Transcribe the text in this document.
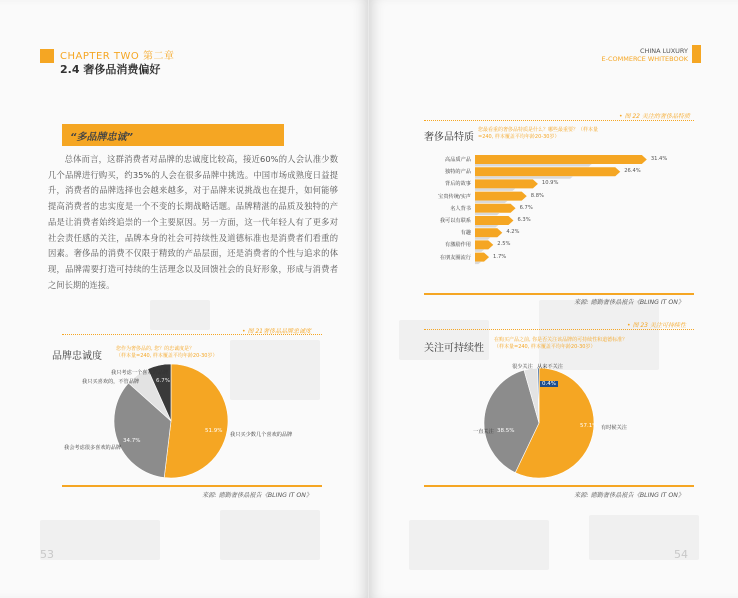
CHAPTER TWO 第二章
2.4 奢侈品消费偏好
“多品牌忠诚”

总体而言，这群消费者对品牌的忠诚度比较高，接近60%的人会认准少数几个品牌进行购买，约35%的人会在很多品牌中挑选。中国市场成熟度日益提升，消费者的品牌选择也会越来越多，对于品牌来说挑战也在提升，如何能够提高消费者的忠实度是一个不变的长期战略话题。品牌精湛的品质及独特的产品是让消费者始终追崇的一个主要原因。另一方面，这一代年轻人有了更多对社会责任感的关注，品牌本身的社会可持续性及道德标准也是消费者们看重的因素。奢侈品的消费不仅限于精致的产品层面，还是消费者的个性与追求的体现，品牌需要打造可持续的生活理念以及回馈社会的良好形象，形成与消费者之间长期的连接。

• 图 21奢侈品品牌忠诚度
品牌忠诚度
您作为奢侈品的, 您？的忠诚度是？
（样本量=240, 样本覆盖平均年龄20-30岁）
我只考虑一个喜欢的品牌
我只买喜欢的，不管品牌
我会考虑很多喜欢的品牌
我只买少数几个喜欢的品牌
6.7%
34.7%
51.9%
来源: 德勤奢侈品报告《BLING IT ON》
53
CHINA LUXURY
E-COMMERCE WHITEBOOK
• 图 22 关注的奢侈品特质
奢侈品特质
您最看重的奢侈品特质是什么？哪些最重要？（样本量
=240, 样本覆盖平均年龄20-30岁）
高品质产品	31.4%
独特的产品	26.4%
背后的故事	10.9%
宝贵传统/实声	8.8%
名人背书	6.7%
我可以有联系	6.3%
有趣	4.2%
有激励作用	2.5%
在朋友圈流行	1.7%
来源: 德勤奢侈品报告《BLING IT ON》
• 图 23 关注可持续性
关注可持续性
在购买产品之前, 你是否关注该品牌的可持续性和道德标准？
（样本量=240, 样本覆盖平均年龄20-30岁）
很少关注 从来不关注
一直关注
有时候关注
0.4%
38.5%
57.1%
来源: 德勤奢侈品报告《BLING IT ON》
54
